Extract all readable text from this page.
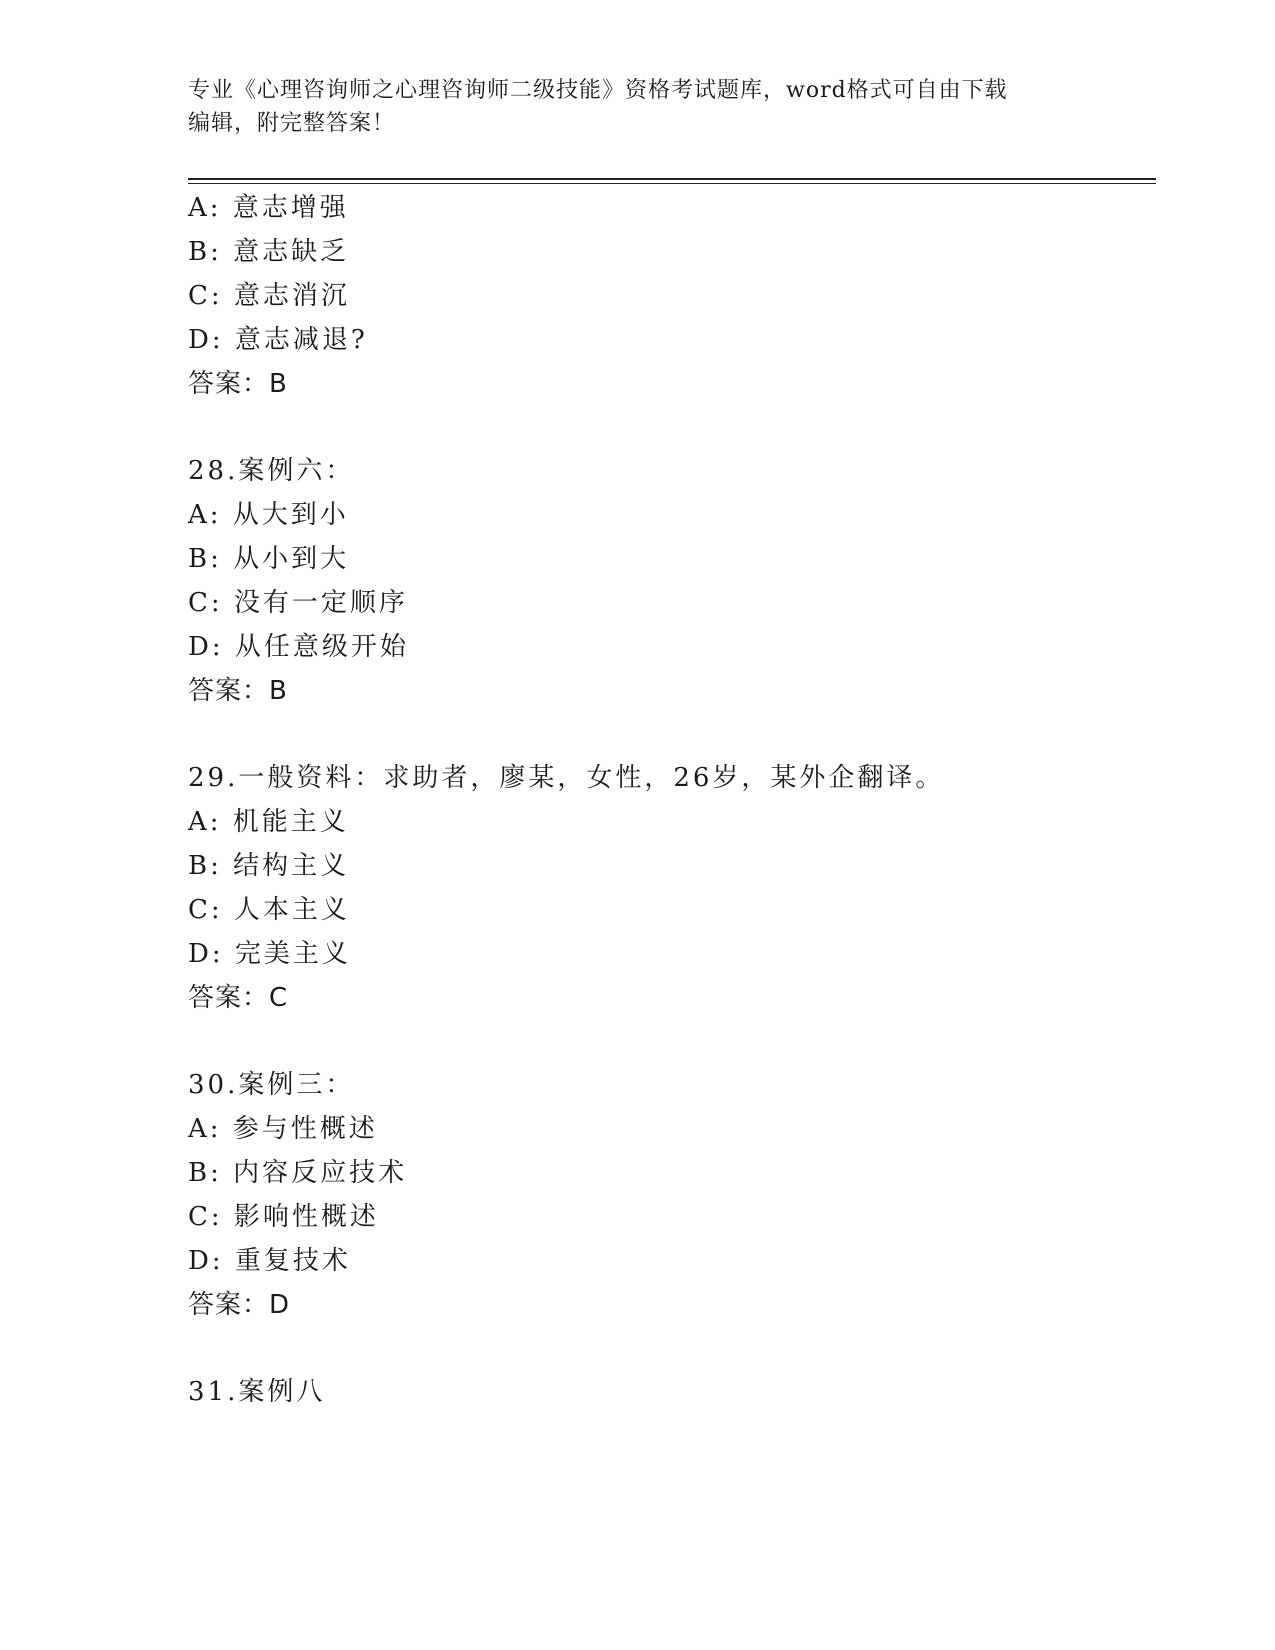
专业《心理咨询师之心理咨询师二级技能》资格考试题库，word格式可自由下载
编辑，附完整答案！
A: 意志增强
B: 意志缺乏
C: 意志消沉
D: 意志减退?
答案：B
28.案例六：
A: 从大到小
B: 从小到大
C: 没有一定顺序
D: 从任意级开始
答案：B
29.一般资料：求助者，廖某，女性，26岁，某外企翻译。
A: 机能主义
B: 结构主义
C: 人本主义
D: 完美主义
答案：C
30.案例三：
A: 参与性概述
B: 内容反应技术
C: 影响性概述
D: 重复技术
答案：D
31.案例八
